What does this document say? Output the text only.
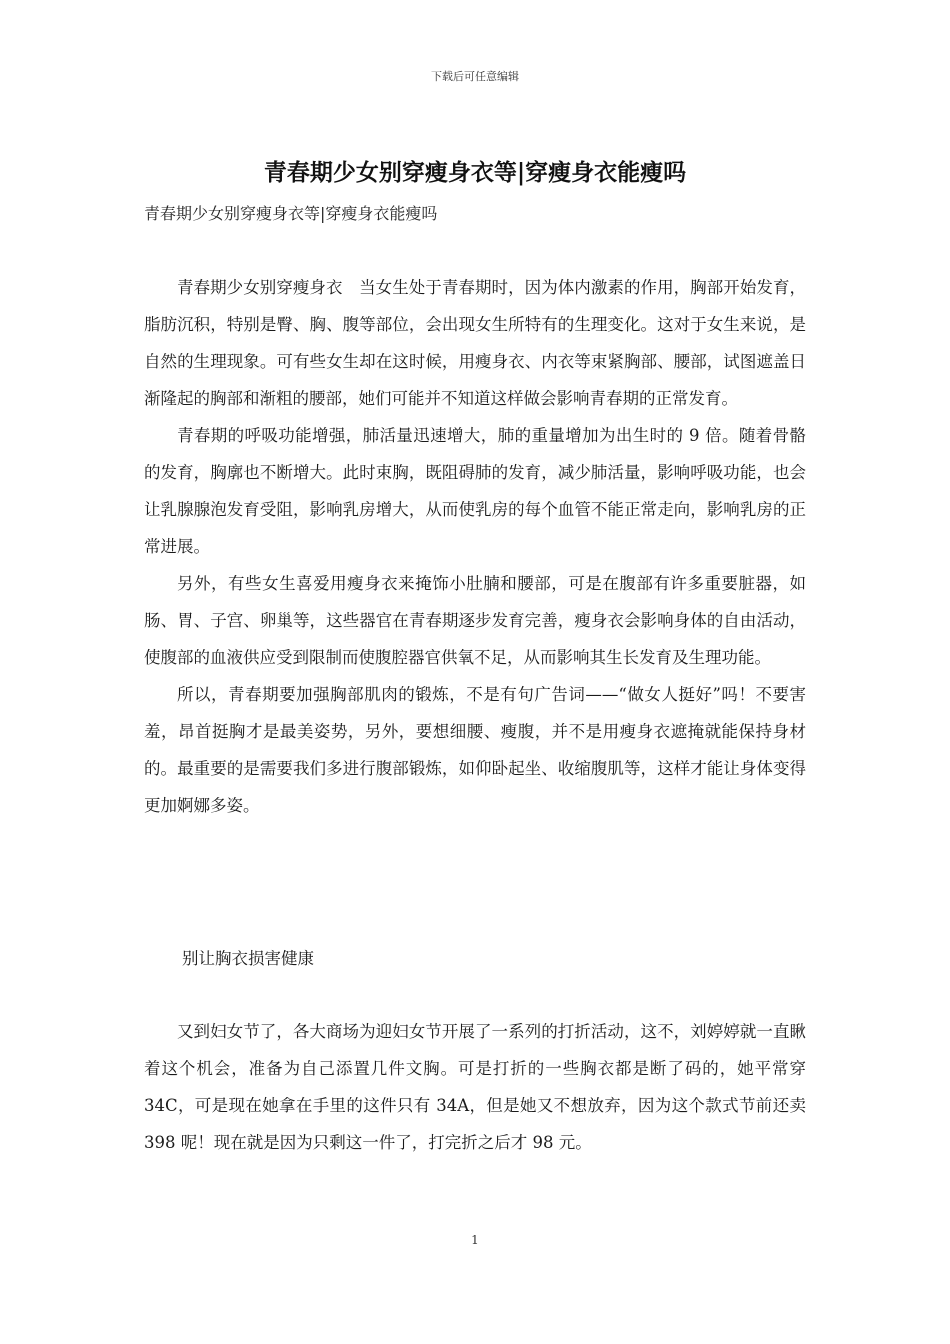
下载后可任意编辑
青春期少女别穿瘦身衣等|穿瘦身衣能瘦吗
青春期少女别穿瘦身衣等|穿瘦身衣能瘦吗

青春期少女别穿瘦身衣　当女生处于青春期时，因为体内激素的作用，胸部开始发育，脂肪沉积，特别是臀、胸、腹等部位，会出现女生所特有的生理变化。这对于女生来说，是自然的生理现象。可有些女生却在这时候，用瘦身衣、内衣等束紧胸部、腰部，试图遮盖日渐隆起的胸部和渐粗的腰部，她们可能并不知道这样做会影响青春期的正常发育。

青春期的呼吸功能增强，肺活量迅速增大，肺的重量增加为出生时的 9 倍。随着骨骼的发育，胸廓也不断增大。此时束胸，既阻碍肺的发育，减少肺活量，影响呼吸功能，也会让乳腺腺泡发育受阻，影响乳房增大，从而使乳房的每个血管不能正常走向，影响乳房的正常进展。

另外，有些女生喜爱用瘦身衣来掩饰小肚腩和腰部，可是在腹部有许多重要脏器，如肠、胃、子宫、卵巢等，这些器官在青春期逐步发育完善，瘦身衣会影响身体的自由活动，使腹部的血液供应受到限制而使腹腔器官供氧不足，从而影响其生长发育及生理功能。

所以，青春期要加强胸部肌肉的锻炼，不是有句广告词——“做女人挺好”吗！不要害羞，昂首挺胸才是最美姿势，另外，要想细腰、瘦腹，并不是用瘦身衣遮掩就能保持身材的。最重要的是需要我们多进行腹部锻炼，如仰卧起坐、收缩腹肌等，这样才能让身体变得更加婀娜多姿。

别让胸衣损害健康

又到妇女节了，各大商场为迎妇女节开展了一系列的打折活动，这不，刘婷婷就一直瞅着这个机会，准备为自己添置几件文胸。可是打折的一些胸衣都是断了码的，她平常穿 34C，可是现在她拿在手里的这件只有 34A，但是她又不想放弃，因为这个款式节前还卖 398 呢！现在就是因为只剩这一件了，打完折之后才 98 元。

1
